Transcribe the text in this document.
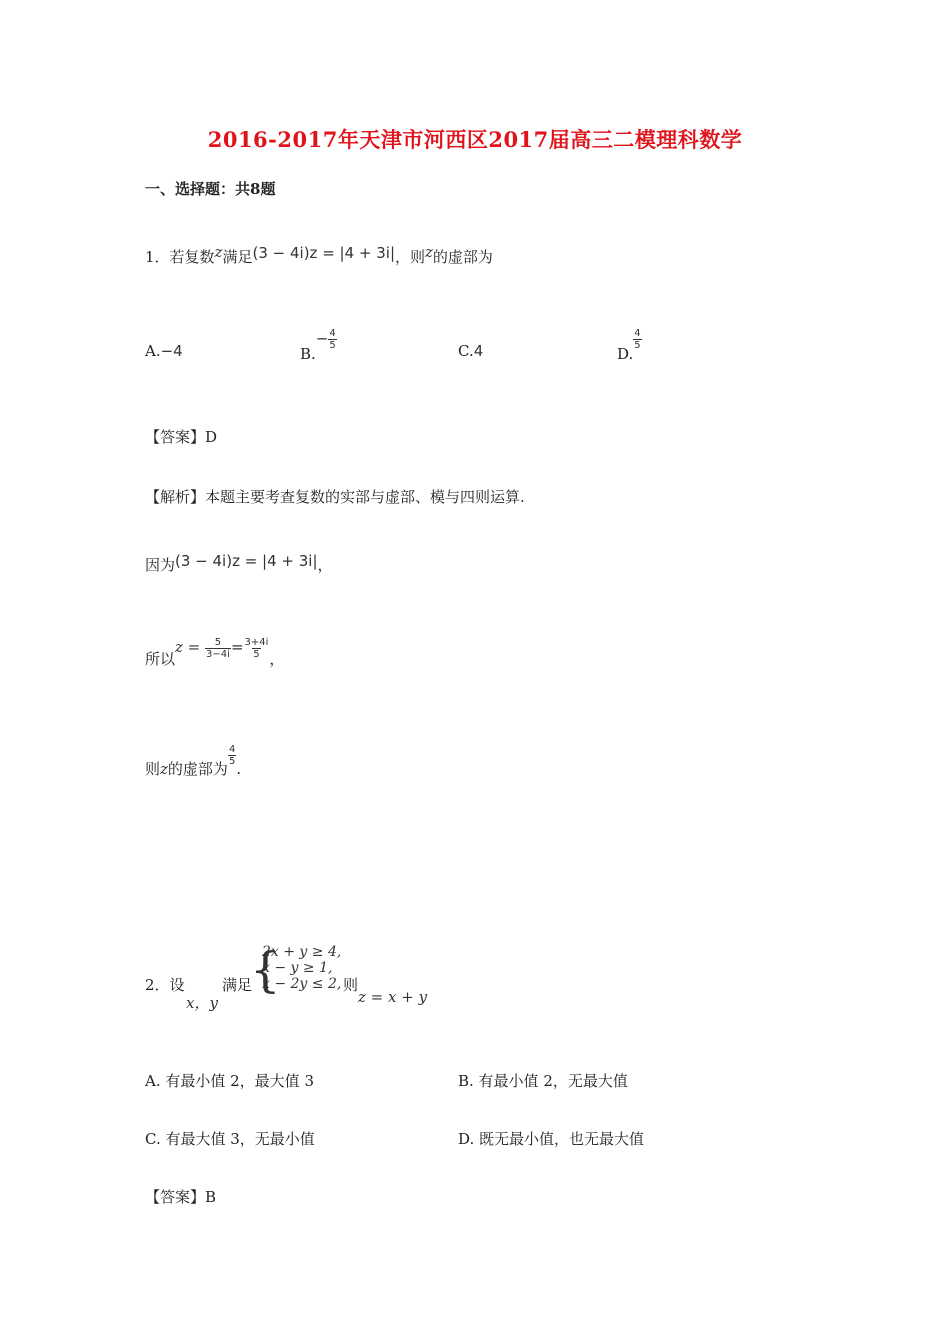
2016-2017年天津市河西区2017届高三二模理科数学
一、选择题：共8题
1．若复数z满足(3 − 4i)z = |4 + 3i|，则z的虚部为
A.−4	$B.- \frac{4}{5}$	C.4	D.
$\frac{4}{5}$
【答案】D
【解析】本题主要考查复数的实部与虚部、模与四则运算.
因为(3 − 4i)z = |4 + 3i|，
所以$z = \frac{5}{3-4i} = \frac{3+4i}{5}$ ，
则z的虚部为
$\frac{4}{5}$
.
2．设
x，y
满足
{
2x + y ≥ 4,
x − y ≥ 1,
x − 2y ≤ 2, 则
z = x + y
A. 有最小值 2，最大值 3	B. 有最小值 2，无最大值
C. 有最大值 3，无最小值	D. 既无最小值，也无最大值
【答案】B
